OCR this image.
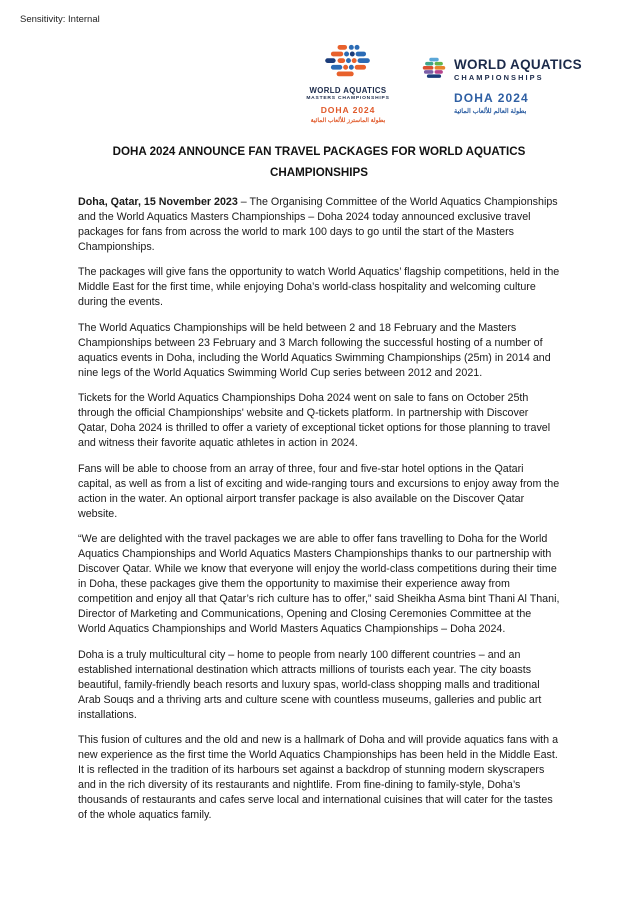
Sensitivity: Internal
WORLD AQUATICS
MASTERS CHAMPIONSHIPS
DOHA 2024
بطولة الماسترز للألعاب المائية
WORLD AQUATICS
CHAMPIONSHIPS
DOHA 2024
بطولة العالم للألعاب المائية
DOHA 2024 ANNOUNCE FAN TRAVEL PACKAGES FOR WORLD AQUATICS CHAMPIONSHIPS

Doha, Qatar, 15 November 2023 – The Organising Committee of the World Aquatics Championships and the World Aquatics Masters Championships – Doha 2024 today announced exclusive travel packages for fans from across the world to mark 100 days to go until the start of the Masters Championships.

The packages will give fans the opportunity to watch World Aquatics’ flagship competitions, held in the Middle East for the first time, while enjoying Doha’s world-class hospitality and welcoming culture during the events.

The World Aquatics Championships will be held between 2 and 18 February and the Masters Championships between 23 February and 3 March following the successful hosting of a number of aquatics events in Doha, including the World Aquatics Swimming Championships (25m) in 2014 and nine legs of the World Aquatics Swimming World Cup series between 2012 and 2021.

Tickets for the World Aquatics Championships Doha 2024 went on sale to fans on October 25th through the official Championships' website and Q-tickets platform. In partnership with Discover Qatar, Doha 2024 is thrilled to offer a variety of exceptional ticket options for those planning to travel and witness their favorite aquatic athletes in action in 2024.

Fans will be able to choose from an array of three, four and five-star hotel options in the Qatari capital, as well as from a list of exciting and wide-ranging tours and excursions to enjoy away from the action in the water. An optional airport transfer package is also available on the Discover Qatar website.

“We are delighted with the travel packages we are able to offer fans travelling to Doha for the World Aquatics Championships and World Aquatics Masters Championships thanks to our partnership with Discover Qatar. While we know that everyone will enjoy the world-class competitions during their time in Doha, these packages give them the opportunity to maximise their experience away from competition and enjoy all that Qatar’s rich culture has to offer,” said Sheikha Asma bint Thani Al Thani, Director of Marketing and Communications, Opening and Closing Ceremonies Committee at the World Aquatics Championships and World Masters Aquatics Championships – Doha 2024.

Doha is a truly multicultural city – home to people from nearly 100 different countries – and an established international destination which attracts millions of tourists each year. The city boasts beautiful, family-friendly beach resorts and luxury spas, world-class shopping malls and traditional Arab Souqs and a thriving arts and culture scene with countless museums, galleries and public art installations.

This fusion of cultures and the old and new is a hallmark of Doha and will provide aquatics fans with a new experience as the first time the World Aquatics Championships has been held in the Middle East. It is reflected in the tradition of its harbours set against a backdrop of stunning modern skyscrapers and in the rich diversity of its restaurants and nightlife. From fine-dining to family-style, Doha’s thousands of restaurants and cafes serve local and international cuisines that will cater for the tastes of the whole aquatics family.
